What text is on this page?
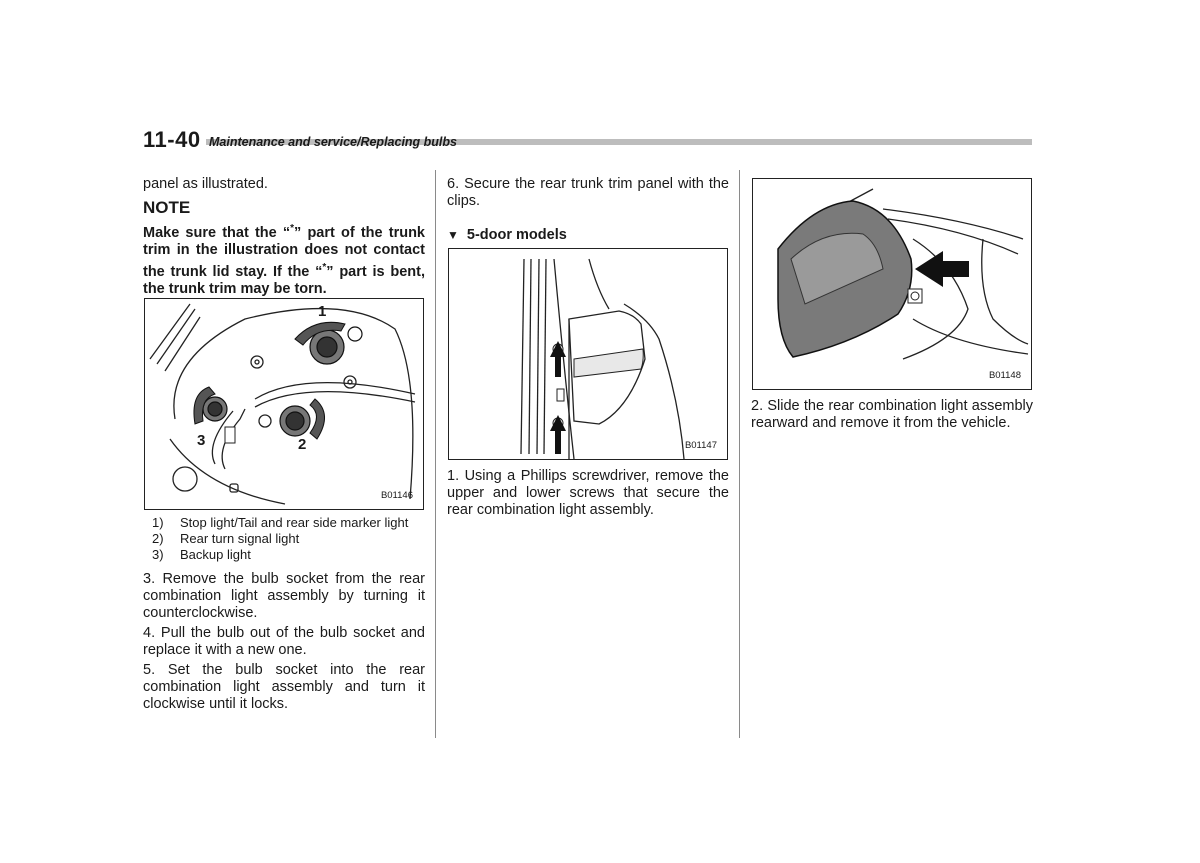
11-40 Maintenance and service/Replacing bulbs

panel as illustrated.

NOTE

Make sure that the “*” part of the trunk trim in the illustration does not contact the trunk lid stay. If the “*” part is bent, the trunk trim may be torn.

1
2
3
B01146
1)	Stop light/Tail and rear side marker light
2)	Rear turn signal light
3)	Backup light

3. Remove the bulb socket from the rear combination light assembly by turning it counterclockwise.

4. Pull the bulb out of the bulb socket and replace it with a new one.

5. Set the bulb socket into the rear combination light assembly and turn it clockwise until it locks.

6. Secure the rear trunk trim panel with the clips.

▼ 5-door models
B01147

1. Using a Phillips screwdriver, remove the upper and lower screws that secure the rear combination light assembly.

B01148

2. Slide the rear combination light assembly rearward and remove it from the vehicle.
